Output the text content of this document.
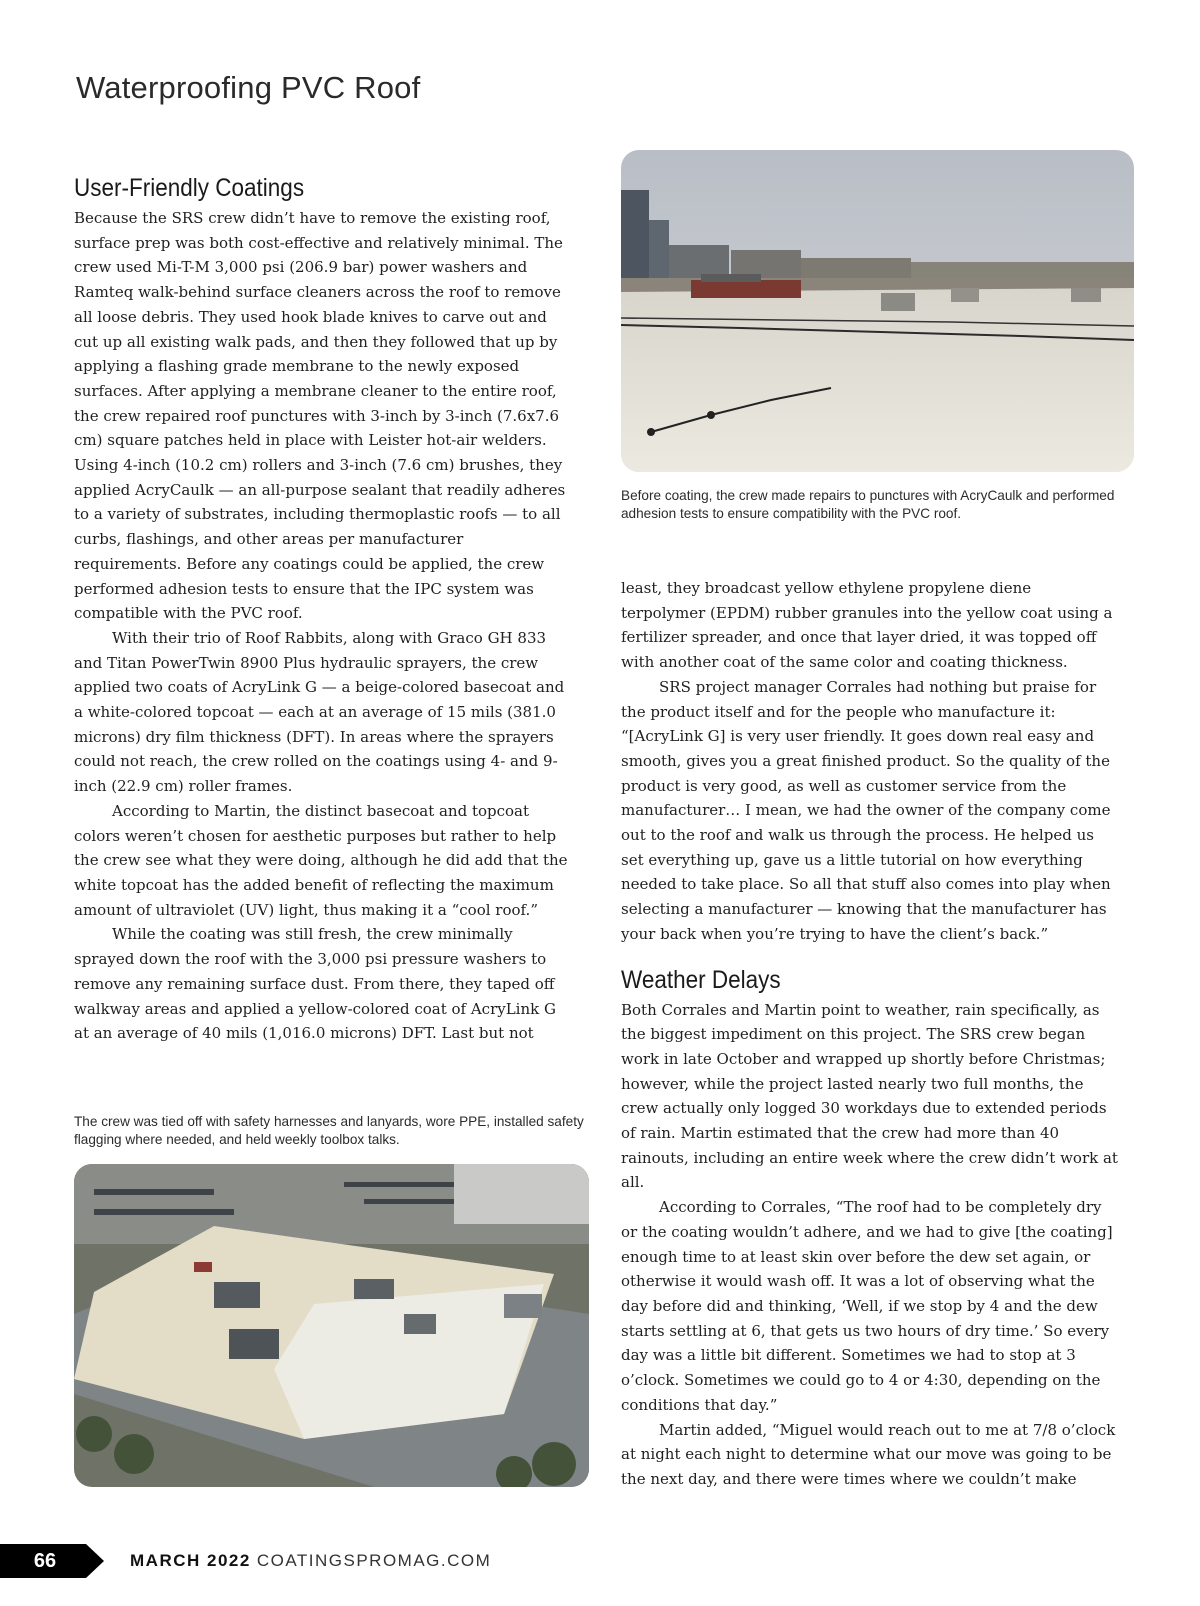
Waterproofing PVC Roof

Before coating, the crew made repairs to punctures with AcryCaulk and performed adhesion tests to ensure compatibility with the PVC roof.

User-Friendly Coatings

Because the SRS crew didn’t have to remove the existing roof, surface prep was both cost-effective and relatively minimal. The crew used Mi-T-M 3,000 psi (206.9 bar) power washers and Ramteq walk-behind surface cleaners across the roof to remove all loose debris. They used hook blade knives to carve out and cut up all existing walk pads, and then they followed that up by applying a flashing grade membrane to the newly exposed surfaces. After applying a membrane cleaner to the entire roof, the crew repaired roof punctures with 3-inch by 3-inch (7.6x7.6 cm) square patches held in place with Leister hot-air welders. Using 4-inch (10.2 cm) rollers and 3-inch (7.6 cm) brushes, they applied AcryCaulk — an all-purpose sealant that readily adheres to a variety of substrates, including thermoplastic roofs — to all curbs, flashings, and other areas per manufacturer requirements. Before any coatings could be applied, the crew performed adhesion tests to ensure that the IPC system was compatible with the PVC roof.

With their trio of Roof Rabbits, along with Graco GH 833 and Titan PowerTwin 8900 Plus hydraulic sprayers, the crew applied two coats of AcryLink G — a beige-colored basecoat and a white-colored topcoat — each at an average of 15 mils (381.0 microns) dry film thickness (DFT). In areas where the sprayers could not reach, the crew rolled on the coatings using 4- and 9-inch (22.9 cm) roller frames.

According to Martin, the distinct basecoat and topcoat colors weren’t chosen for aesthetic purposes but rather to help the crew see what they were doing, although he did add that the white topcoat has the added benefit of reflecting the maximum amount of ultraviolet (UV) light, thus making it a “cool roof.”

While the coating was still fresh, the crew minimally sprayed down the roof with the 3,000 psi pressure washers to remove any remaining surface dust. From there, they taped off walkway areas and applied a yellow-colored coat of AcryLink G at an average of 40 mils (1,016.0 microns) DFT. Last but not

The crew was tied off with safety harnesses and lanyards, wore PPE, installed safety flagging where needed, and held weekly toolbox talks.

least, they broadcast yellow ethylene propylene diene terpolymer (EPDM) rubber granules into the yellow coat using a fertilizer spreader, and once that layer dried, it was topped off with another coat of the same color and coating thickness.

SRS project manager Corrales had nothing but praise for the product itself and for the people who manufacture it: “[AcryLink G] is very user friendly. It goes down real easy and smooth, gives you a great finished product. So the quality of the product is very good, as well as customer service from the manufacturer… I mean, we had the owner of the company come out to the roof and walk us through the process. He helped us set everything up, gave us a little tutorial on how everything needed to take place. So all that stuff also comes into play when selecting a manufacturer — knowing that the manufacturer has your back when you’re trying to have the client’s back.”

Weather Delays

Both Corrales and Martin point to weather, rain specifically, as the biggest impediment on this project. The SRS crew began work in late October and wrapped up shortly before Christmas; however, while the project lasted nearly two full months, the crew actually only logged 30 workdays due to extended periods of rain. Martin estimated that the crew had more than 40 rainouts, including an entire week where the crew didn’t work at all.

According to Corrales, “The roof had to be completely dry or the coating wouldn’t adhere, and we had to give [the coating] enough time to at least skin over before the dew set again, or otherwise it would wash off. It was a lot of observing what the day before did and thinking, ‘Well, if we stop by 4 and the dew starts settling at 6, that gets us two hours of dry time.’ So every day was a little bit different. Sometimes we had to stop at 3 o’clock. Sometimes we could go to 4 or 4:30, depending on the conditions that day.”

Martin added, “Miguel would reach out to me at 7/8 o’clock at night each night to determine what our move was going to be the next day, and there were times where we couldn’t make

66	MARCH 2022 COATINGSPROMAG.COM
